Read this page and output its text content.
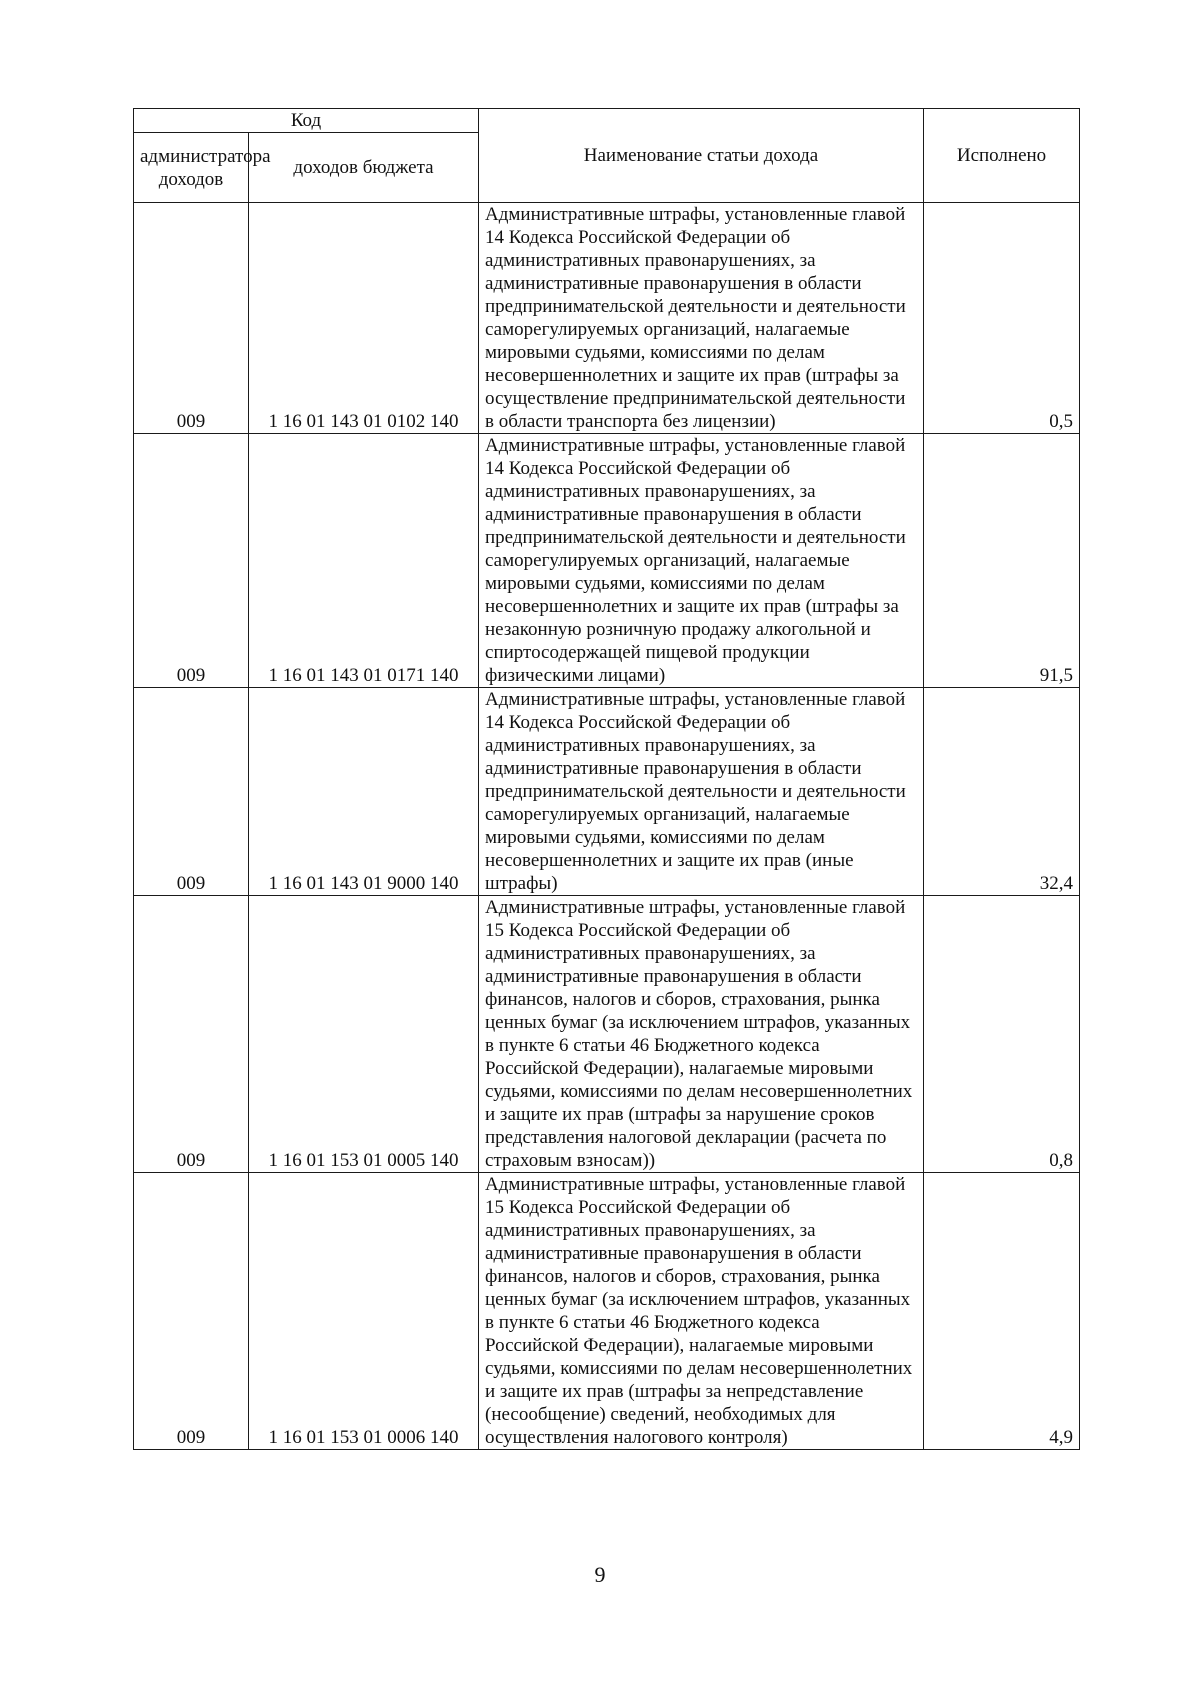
Код		Наименование статьи дохода	Исполнено
администратора доходов	доходов бюджета		
009	1 16 01 143 01 0102 140	Административные штрафы, установленные главой 14 Кодекса Российской Федерации об административных правонарушениях, за административные правонарушения в области предпринимательской деятельности и деятельности саморегулируемых организаций, налагаемые мировыми судьями, комиссиями по делам несовершеннолетних и защите их прав (штрафы за осуществление предпринимательской деятельности в области транспорта без лицензии)	0,5
009	1 16 01 143 01 0171 140	Административные штрафы, установленные главой 14 Кодекса Российской Федерации об административных правонарушениях, за административные правонарушения в области предпринимательской деятельности и деятельности саморегулируемых организаций, налагаемые мировыми судьями, комиссиями по делам несовершеннолетних и защите их прав (штрафы за незаконную розничную продажу алкогольной и спиртосодержащей пищевой продукции физическими лицами)	91,5
009	1 16 01 143 01 9000 140	Административные штрафы, установленные главой 14 Кодекса Российской Федерации об административных правонарушениях, за административные правонарушения в области предпринимательской деятельности и деятельности саморегулируемых организаций, налагаемые мировыми судьями, комиссиями по делам несовершеннолетних и защите их прав (иные штрафы)	32,4
009	1 16 01 153 01 0005 140	Административные штрафы, установленные главой 15 Кодекса Российской Федерации об административных правонарушениях, за административные правонарушения в области финансов, налогов и сборов, страхования, рынка ценных бумаг (за исключением штрафов, указанных в пункте 6 статьи 46 Бюджетного кодекса Российской Федерации), налагаемые мировыми судьями, комиссиями по делам несовершеннолетних и защите их прав (штрафы за нарушение сроков представления налоговой декларации (расчета по страховым взносам))	0,8
009	1 16 01 153 01 0006 140	Административные штрафы, установленные главой 15 Кодекса Российской Федерации об административных правонарушениях, за административные правонарушения в области финансов, налогов и сборов, страхования, рынка ценных бумаг (за исключением штрафов, указанных в пункте 6 статьи 46 Бюджетного кодекса Российской Федерации), налагаемые мировыми судьями, комиссиями по делам несовершеннолетних и защите их прав (штрафы за непредставление (несообщение) сведений, необходимых для осуществления налогового контроля)	4,9
9
